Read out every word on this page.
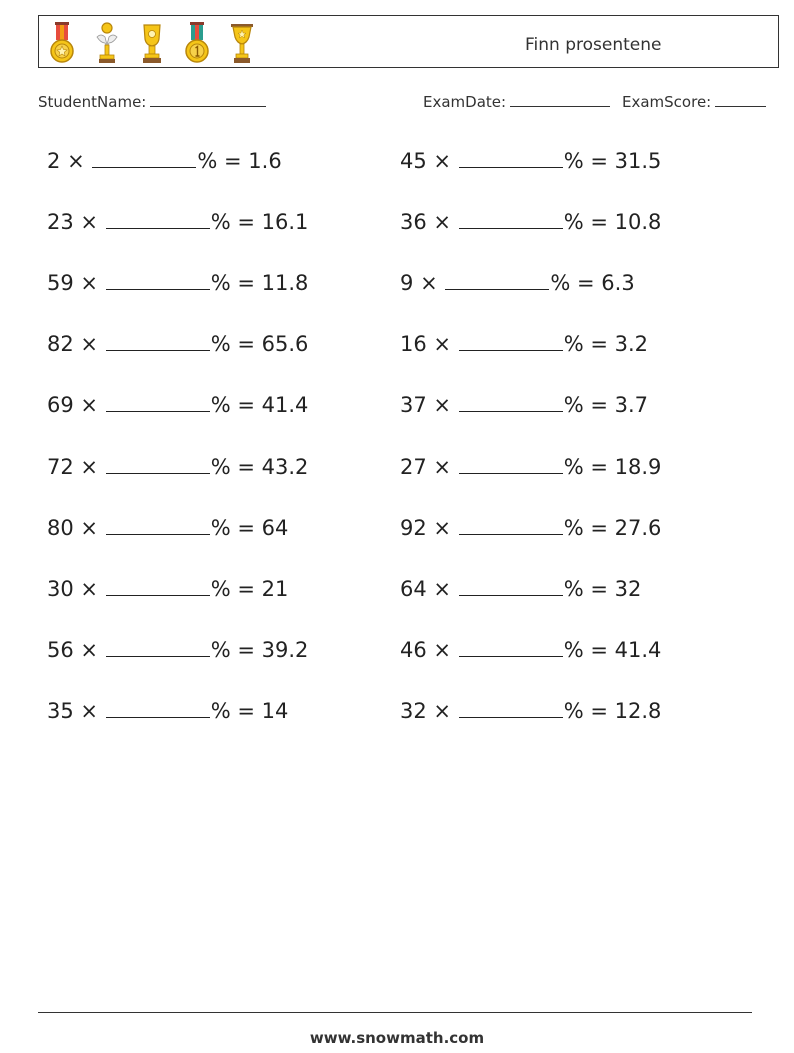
Finn prosentene
StudentName:	ExamDate:	ExamScore:
2 ×	% = 1.6
23 ×	% = 16.1
59 ×	% = 11.8
82 ×	% = 65.6
69 ×	% = 41.4
72 ×	% = 43.2
80 ×	% = 64
30 ×	% = 21
56 ×	% = 39.2
35 ×	% = 14
45 ×	% = 31.5
36 ×	% = 10.8
9 ×	% = 6.3
16 ×	% = 3.2
37 ×	% = 3.7
27 ×	% = 18.9
92 ×	% = 27.6
64 ×	% = 32
46 ×	% = 41.4
32 ×	% = 12.8
www.snowmath.com
